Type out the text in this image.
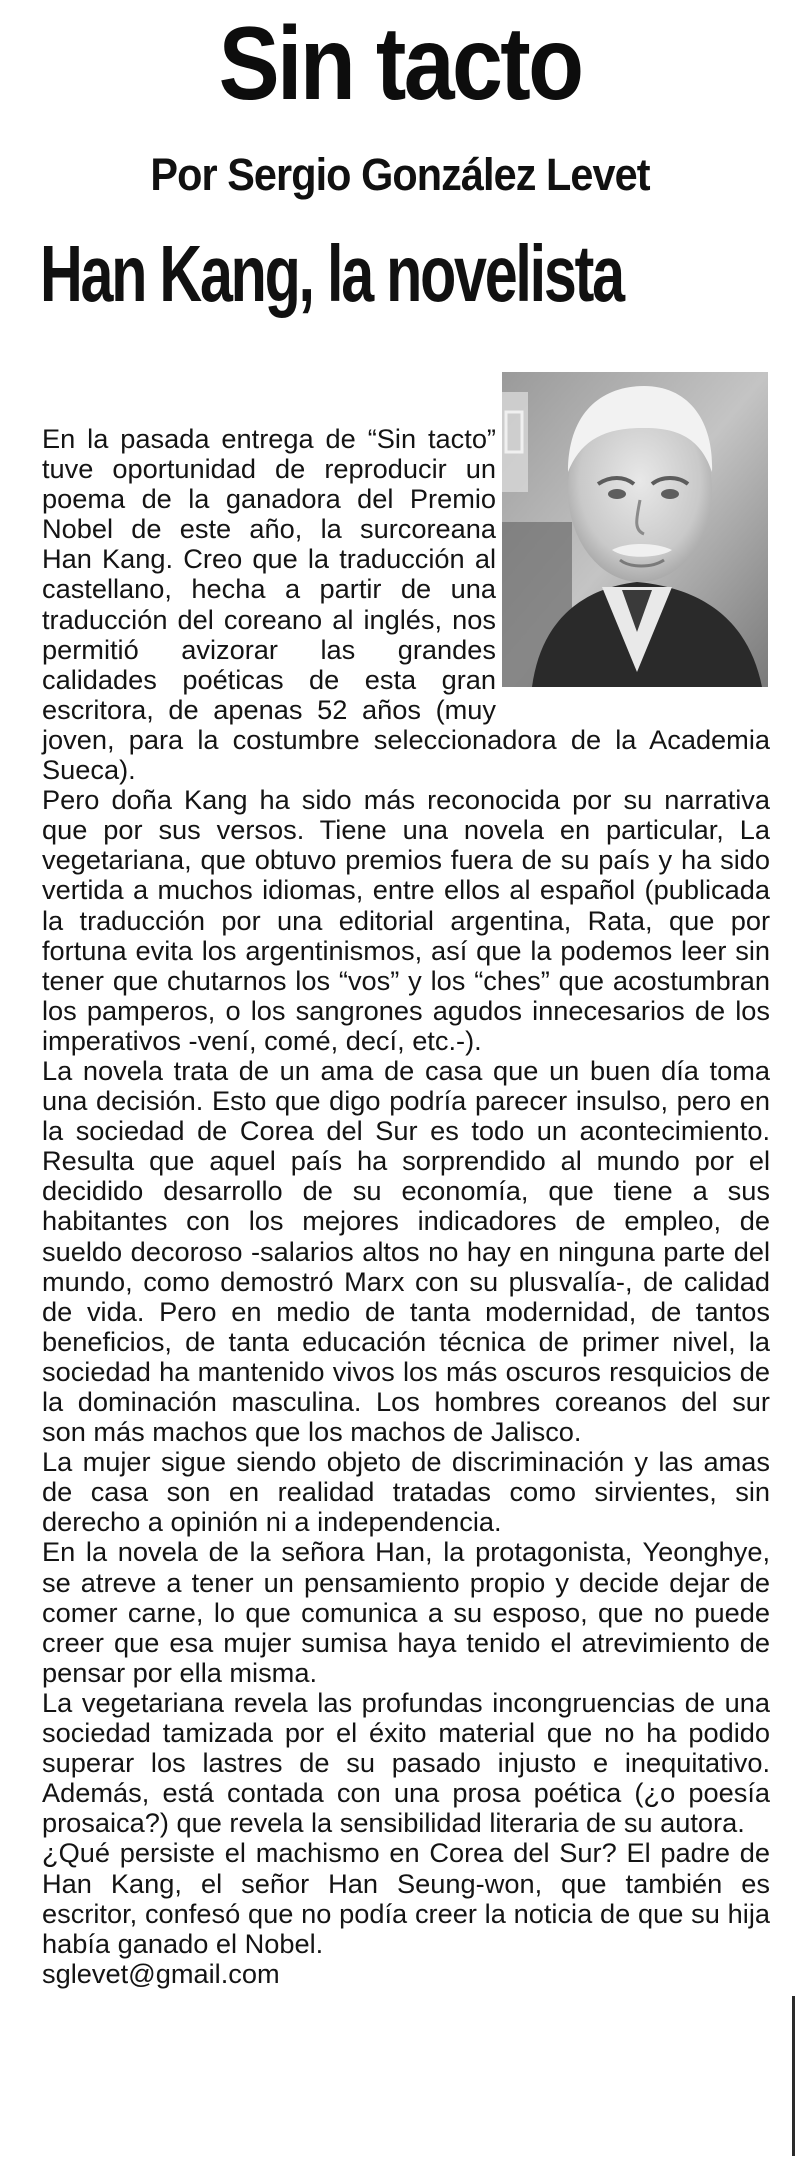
Sin tacto
Por Sergio González Levet
Han Kang, la novelista

En la pasada entrega de “Sin tacto” tuve oportunidad de reproducir un poema de la ganadora del Premio Nobel de este año, la surcoreana Han Kang. Creo que la traducción al castellano, hecha a partir de una traducción del coreano al inglés, nos permitió avizorar las grandes calidades poéticas de esta gran escritora, de apenas 52 años (muy joven, para la costumbre seleccionadora de la Academia Sueca).

Pero doña Kang ha sido más reconocida por su narrativa que por sus versos. Tiene una novela en particular, La vegetariana, que obtuvo premios fuera de su país y ha sido vertida a muchos idiomas, entre ellos al español (publicada la traducción por una editorial argentina, Rata, que por fortuna evita los argentinismos, así que la podemos leer sin tener que chutarnos los “vos” y los “ches” que acostumbran los pamperos, o los sangrones agudos innecesarios de los imperativos -vení, comé, decí, etc.-).

La novela trata de un ama de casa que un buen día toma una decisión. Esto que digo podría parecer insulso, pero en la sociedad de Corea del Sur es todo un acontecimiento. Resulta que aquel país ha sorprendido al mundo por el decidido desarrollo de su economía, que tiene a sus habitantes con los mejores indicadores de empleo, de sueldo decoroso -salarios altos no hay en ninguna parte del mundo, como demostró Marx con su plusvalía-, de calidad de vida. Pero en medio de tanta modernidad, de tantos beneficios, de tanta educación técnica de primer nivel, la sociedad ha mantenido vivos los más oscuros resquicios de la dominación masculina. Los hombres coreanos del sur son más machos que los machos de Jalisco.

La mujer sigue siendo objeto de discriminación y las amas de casa son en realidad tratadas como sirvientes, sin derecho a opinión ni a independencia.

En la novela de la señora Han, la protagonista, Yeonghye, se atreve a tener un pensamiento propio y decide dejar de comer carne, lo que comunica a su esposo, que no puede creer que esa mujer sumisa haya tenido el atrevimiento de pensar por ella misma.

La vegetariana revela las profundas incongruencias de una sociedad tamizada por el éxito material que no ha podido superar los lastres de su pasado injusto e inequitativo. Además, está contada con una prosa poética (¿o poesía prosaica?) que revela la sensibilidad literaria de su autora.

¿Qué persiste el machismo en Corea del Sur? El padre de Han Kang, el señor Han Seung-won, que también es escritor, confesó que no podía creer la noticia de que su hija había ganado el Nobel.

sglevet@gmail.com
